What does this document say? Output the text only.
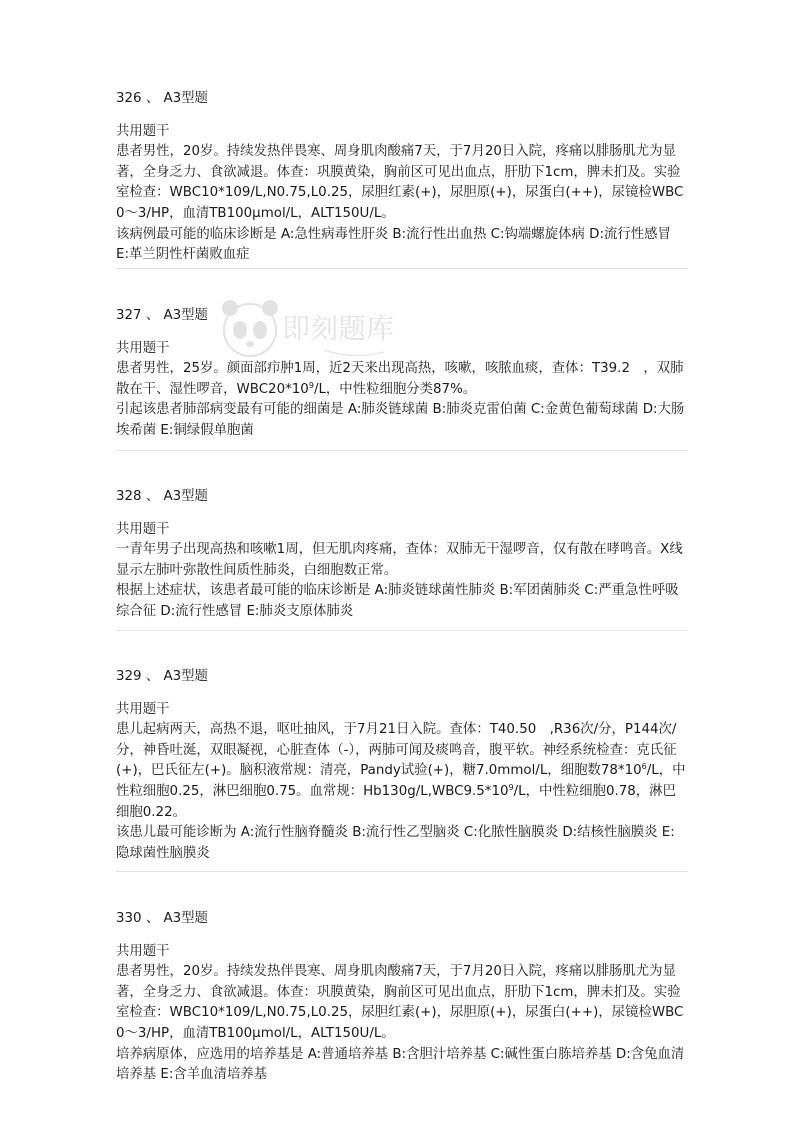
326 、 A3型题
共用题干
患者男性，20岁。持续发热伴畏寒、周身肌肉酸痛7天，于7月20日入院，疼痛以腓肠肌尤为显著，全身乏力、食欲减退。体查：巩膜黄染，胸前区可见出血点，肝肋下1cm，脾未扪及。实验室检查：WBC10*109/L,N0.75,L0.25，尿胆红素(+)，尿胆原(+)，尿蛋白(++)，尿镜检WBC0～3/HP，血清TB100μmol/L，ALT150U/L。
该病例最可能的临床诊断是 A:急性病毒性肝炎 B:流行性出血热 C:钩端螺旋体病 D:流行性感冒 E:革兰阴性杆菌败血症
327 、 A3型题
共用题干
患者男性，25岁。颜面部疖肿1周，近2天来出现高热，咳嗽，咳脓血痰，查体：T39.2　，双肺散在干、湿性啰音，$WBC20*10^9/L$，中性粒细胞分类87%。
引起该患者肺部病变最有可能的细菌是 A:肺炎链球菌 B:肺炎克雷伯菌 C:金黄色葡萄球菌 D:大肠埃希菌 E:铜绿假单胞菌
328 、 A3型题
共用题干
一青年男子出现高热和咳嗽1周，但无肌肉疼痛，查体：双肺无干湿啰音，仅有散在哮鸣音。X线显示左肺叶弥散性间质性肺炎，白细胞数正常。
根据上述症状，该患者最可能的临床诊断是 A:肺炎链球菌性肺炎 B:军团菌肺炎 C:严重急性呼吸综合征 D:流行性感冒 E:肺炎支原体肺炎
329 、 A3型题
共用题干
患儿起病两天，高热不退，呕吐抽风，于7月21日入院。查体：T40.50　,R36次/分，P144次/分，神昏吐涎，双眼凝视，心脏查体（-），两肺可闻及痰鸣音，腹平软。神经系统检查：克氏征(+)，巴氏征左(+)。脑积液常规：清亮，Pandy试验(+)，糖7.0mmol/L，细胞数$78*10^6/L$，中性粒细胞0.25，淋巴细胞0.75。血常规：$Hb130g/L,WBC9.5*10^9/L$，中性粒细胞0.78，淋巴细胞0.22。
该患儿最可能诊断为 A:流行性脑脊髓炎 B:流行性乙型脑炎 C:化脓性脑膜炎 D:结核性脑膜炎 E:隐球菌性脑膜炎
330 、 A3型题
共用题干
患者男性，20岁。持续发热伴畏寒、周身肌肉酸痛7天，于7月20日入院，疼痛以腓肠肌尤为显著，全身乏力、食欲减退。体查：巩膜黄染，胸前区可见出血点，肝肋下1cm，脾未扪及。实验室检查：WBC10*109/L,N0.75,L0.25，尿胆红素(+)，尿胆原(+)，尿蛋白(++)，尿镜检WBC0～3/HP，血清TB100μmol/L，ALT150U/L。
培养病原体，应选用的培养基是 A:普通培养基 B:含胆汁培养基 C:碱性蛋白胨培养基 D:含兔血清培养基 E:含羊血清培养基
即刻题库
